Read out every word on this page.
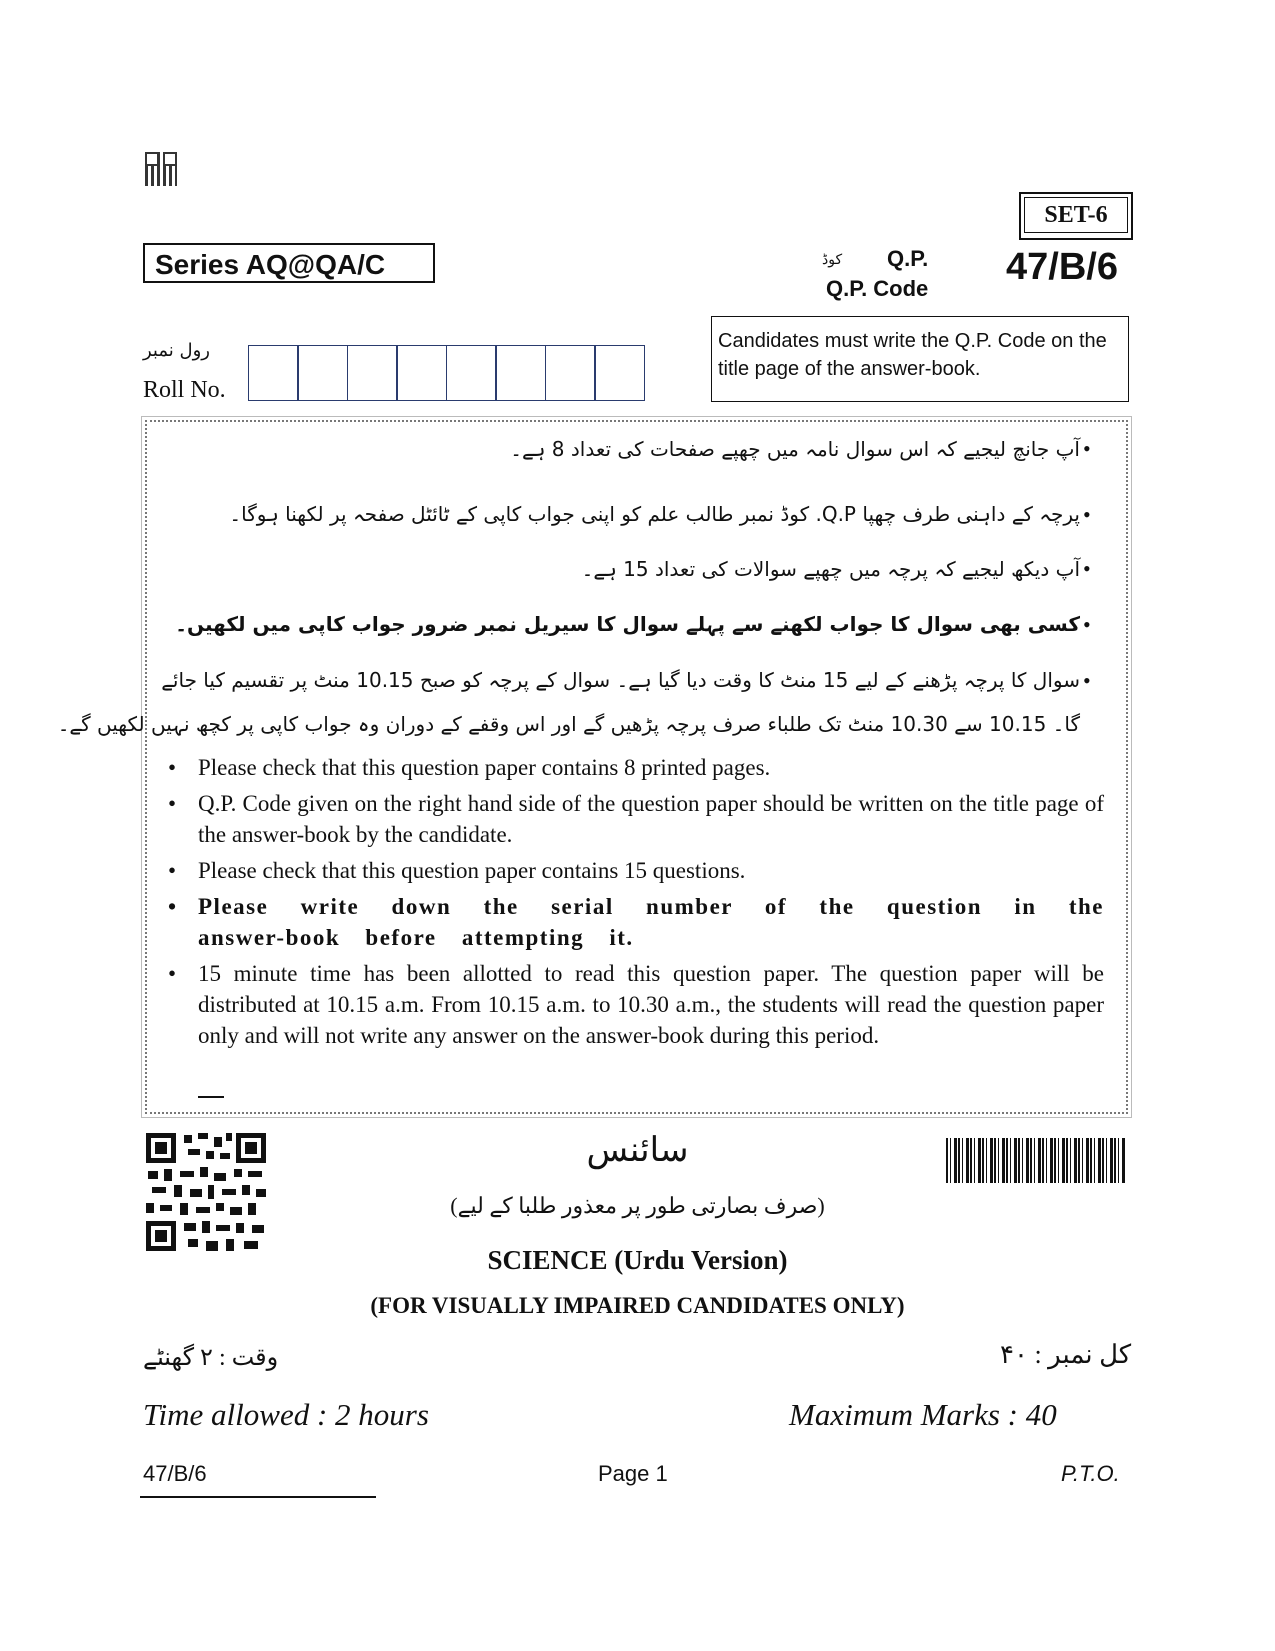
SET-6
Series AQ@QA/C	کوڈ Q.P.
Q.P. Code
47/B/6
رول نمبر
Roll No.
Candidates must write the Q.P. Code on the title page of the answer-book.
•
آپ جانچ لیجیے کہ اس سوال نامہ میں چھپے صفحات کی تعداد 8 ہے۔
•
پرچہ کے داہنی طرف چھپا Q.P. کوڈ نمبر طالب علم کو اپنی جواب کاپی کے ٹائٹل صفحہ پر لکھنا ہوگا۔
•
آپ دیکھ لیجیے کہ پرچہ میں چھپے سوالات کی تعداد 15 ہے۔
•
کسی بھی سوال کا جواب لکھنے سے پہلے سوال کا سیریل نمبر ضرور جواب کاپی میں لکھیں۔
•
سوال کا پرچہ پڑھنے کے لیے 15 منٹ کا وقت دیا گیا ہے۔ سوال کے پرچہ کو صبح 10.15 منٹ پر تقسیم کیا جائے
گا۔ 10.15 سے 10.30 منٹ تک طلباء صرف پرچہ پڑھیں گے اور اس وقفے کے دوران وہ جواب کاپی پر کچھ نہیں لکھیں گے۔
• Please check that this question paper contains 8 printed pages.
• Q.P. Code given on the right hand side of the question paper should be written on the title page of the answer-book by the candidate.
• Please check that this question paper contains 15 questions.
• Please write down the serial number of the question in the answer-book before attempting it.
• 15 minute time has been allotted to read this question paper. The question paper will be distributed at 10.15 a.m. From 10.15 a.m. to 10.30 a.m., the students will read the question paper only and will not write any answer on the answer-book during this period.
سائنس
(صرف بصارتی طور پر معذور طلبا کے لیے)
SCIENCE (Urdu Version)
(FOR VISUALLY IMPAIRED CANDIDATES ONLY)
وقت : ۲ گھنٹے	کل نمبر : ۴۰
Time allowed : 2 hours	Maximum Marks : 40
47/B/6	Page 1	P.T.O.
